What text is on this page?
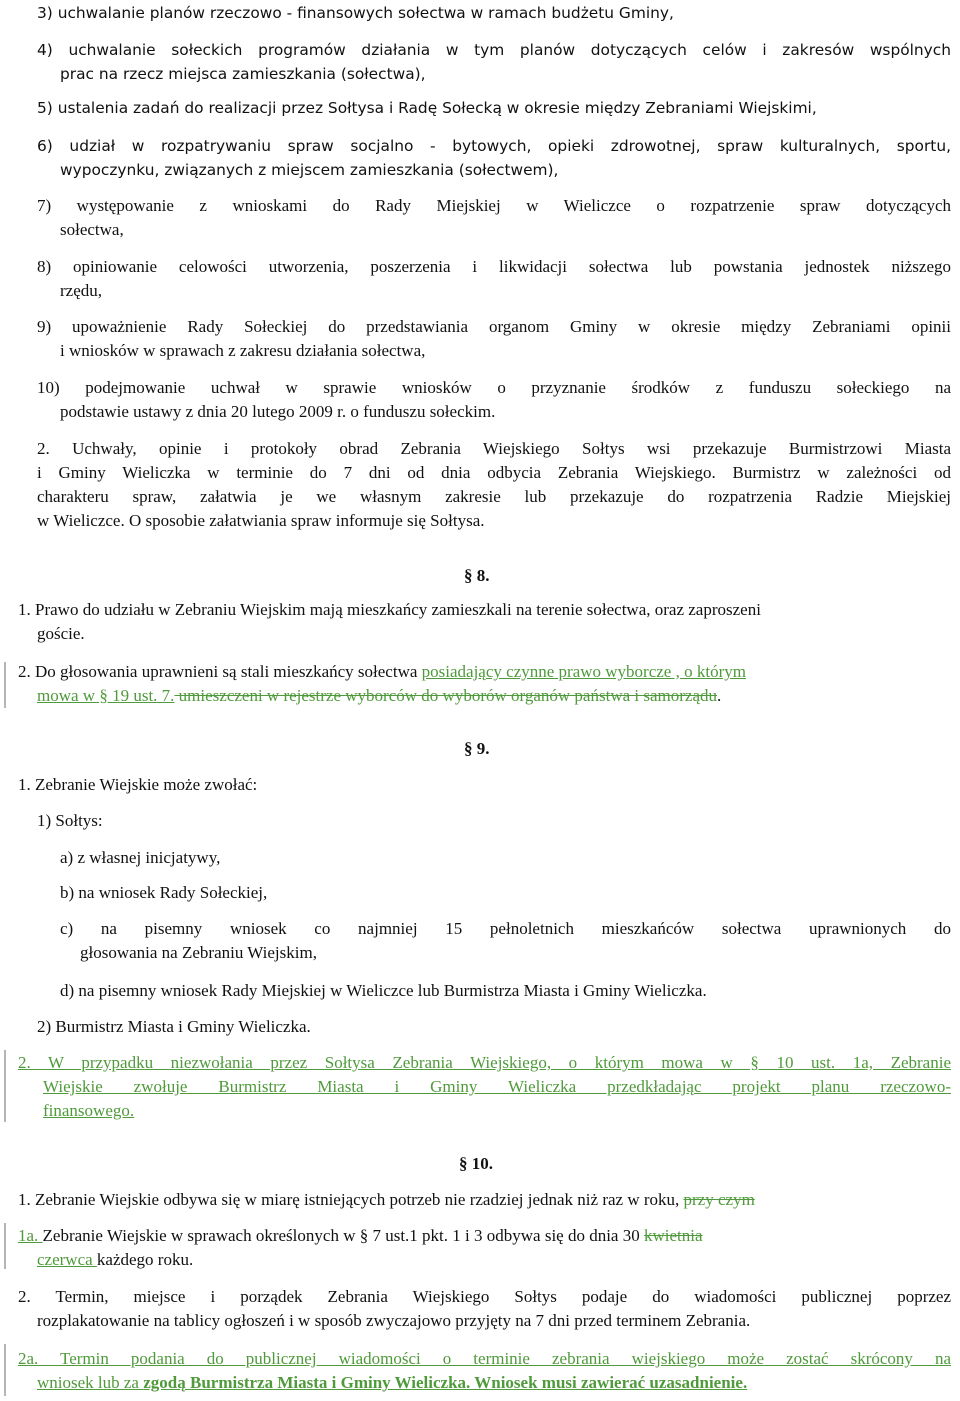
3) uchwalanie planów rzeczowo - finansowych sołectwa w ramach budżetu Gminy,
4) uchwalanie sołeckich programów działania w tym planów dotyczących celów i zakresów wspólnych
prac na rzecz miejsca zamieszkania (sołectwa),
5) ustalenia zadań do realizacji przez Sołtysa i Radę Sołecką w okresie między Zebraniami Wiejskimi,
6) udział w rozpatrywaniu spraw socjalno - bytowych, opieki zdrowotnej, spraw kulturalnych, sportu,
wypoczynku, związanych z miejscem zamieszkania (sołectwem),
7) występowanie z wnioskami do Rady Miejskiej w Wieliczce o rozpatrzenie spraw dotyczących
sołectwa,
8) opiniowanie celowości utworzenia, poszerzenia i likwidacji sołectwa lub powstania jednostek niższego
rzędu,
9) upoważnienie Rady Sołeckiej do przedstawiania organom Gminy w okresie między Zebraniami opinii
i wniosków w sprawach z zakresu działania sołectwa,
10) podejmowanie uchwał w sprawie wniosków o przyznanie środków z funduszu sołeckiego na
podstawie ustawy z dnia 20 lutego 2009 r. o funduszu sołeckim.
2. Uchwały, opinie i protokoły obrad Zebrania Wiejskiego Sołtys wsi przekazuje Burmistrzowi Miasta
i Gminy Wieliczka w terminie do 7 dni od dnia odbycia Zebrania Wiejskiego. Burmistrz w zależności od
charakteru spraw, załatwia je we własnym zakresie lub przekazuje do rozpatrzenia Radzie Miejskiej
w Wieliczce. O sposobie załatwiania spraw informuje się Sołtysa.
§ 8.
1. Prawo do udziału w Zebraniu Wiejskim mają mieszkańcy zamieszkali na terenie sołectwa, oraz zaproszeni
goście.
2. Do głosowania uprawnieni są stali mieszkańcy sołectwa posiadający czynne prawo wyborcze , o którym
mowa w § 19 ust. 7. umieszczeni w rejestrze wyborców do wyborów organów państwa i samorządu.
§ 9.
1. Zebranie Wiejskie może zwołać:
1) Sołtys:
a) z własnej inicjatywy,
b) na wniosek Rady Sołeckiej,
c) na pisemny wniosek co najmniej 15 pełnoletnich mieszkańców sołectwa uprawnionych do
głosowania na Zebraniu Wiejskim,
d) na pisemny wniosek Rady Miejskiej w Wieliczce lub Burmistrza Miasta i Gminy Wieliczka.
2) Burmistrz Miasta i Gminy Wieliczka.
2. W przypadku niezwołania przez Sołtysa Zebrania Wiejskiego, o którym mowa w § 10 ust. 1a, Zebranie
Wiejskie zwołuje Burmistrz Miasta i Gminy Wieliczka przedkładając projekt planu rzeczowo-
finansowego.
§ 10.
1. Zebranie Wiejskie odbywa się w miarę istniejących potrzeb nie rzadziej jednak niż raz w roku, przy czym
1a. Zebranie Wiejskie w sprawach określonych w § 7 ust.1 pkt. 1 i 3 odbywa się do dnia 30 kwietnia
czerwca każdego roku.
2. Termin, miejsce i porządek Zebrania Wiejskiego Sołtys podaje do wiadomości publicznej poprzez
rozplakatowanie na tablicy ogłoszeń i w sposób zwyczajowo przyjęty na 7 dni przed terminem Zebrania.
2a. Termin podania do publicznej wiadomości o terminie zebrania wiejskiego może zostać skrócony na
wniosek lub za zgodą Burmistrza Miasta i Gminy Wieliczka. Wniosek musi zawierać uzasadnienie.
